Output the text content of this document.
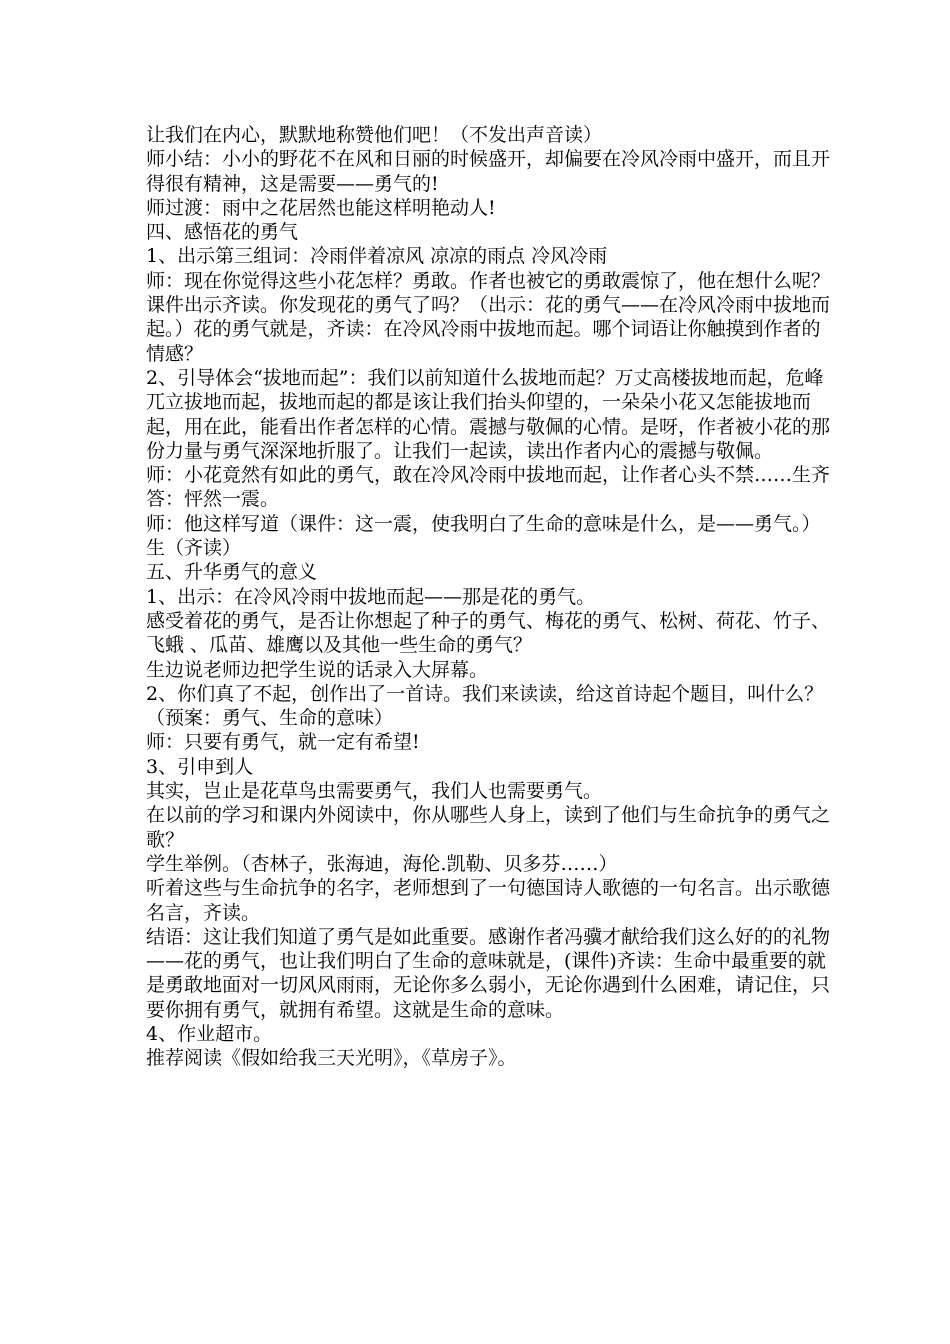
让我们在内心，默默地称赞他们吧！（不发出声音读）

师小结：小小的野花不在风和日丽的时候盛开，却偏要在冷风冷雨中盛开，而且开得很有精神，这是需要——勇气的!

师过渡：雨中之花居然也能这样明艳动人!

四、感悟花的勇气

1、出示第三组词：冷雨伴着凉风 凉凉的雨点 冷风冷雨

师：现在你觉得这些小花怎样？勇敢。作者也被它的勇敢震惊了，他在想什么呢？课件出示齐读。你发现花的勇气了吗？（出示：花的勇气——在冷风冷雨中拔地而起。）花的勇气就是，齐读：在冷风冷雨中拔地而起。哪个词语让你触摸到作者的情感？

2、引导体会“拔地而起”：我们以前知道什么拔地而起？万丈高楼拔地而起，危峰兀立拔地而起，拔地而起的都是该让我们抬头仰望的，一朵朵小花又怎能拔地而起，用在此，能看出作者怎样的心情。震撼与敬佩的心情。是呀，作者被小花的那份力量与勇气深深地折服了。让我们一起读，读出作者内心的震撼与敬佩。

师：小花竟然有如此的勇气，敢在冷风冷雨中拔地而起，让作者心头不禁……生齐答：怦然一震。

师：他这样写道（课件：这一震，使我明白了生命的意味是什么，是——勇气。）生（齐读）

五、升华勇气的意义

1、出示：在冷风冷雨中拔地而起——那是花的勇气。

感受着花的勇气，是否让你想起了种子的勇气、梅花的勇气、松树、荷花、竹子、飞蛾 、瓜苗、雄鹰以及其他一些生命的勇气？

生边说老师边把学生说的话录入大屏幕。

2、你们真了不起，创作出了一首诗。我们来读读，给这首诗起个题目，叫什么？（预案：勇气、生命的意味）

师：只要有勇气，就一定有希望!

3、引申到人

其实，岂止是花草鸟虫需要勇气，我们人也需要勇气。

在以前的学习和课内外阅读中，你从哪些人身上，读到了他们与生命抗争的勇气之歌？

学生举例。（杏林子，张海迪，海伦.凯勒、贝多芬……）

听着这些与生命抗争的名字，老师想到了一句德国诗人歌德的一句名言。出示歌德名言，齐读。

结语：这让我们知道了勇气是如此重要。感谢作者冯骥才献给我们这么好的的礼物——花的勇气，也让我们明白了生命的意味就是，(课件)齐读：生命中最重要的就是勇敢地面对一切风风雨雨，无论你多么弱小，无论你遇到什么困难，请记住，只要你拥有勇气，就拥有希望。这就是生命的意味。

4、作业超市。

推荐阅读《假如给我三天光明》，《草房子》。
